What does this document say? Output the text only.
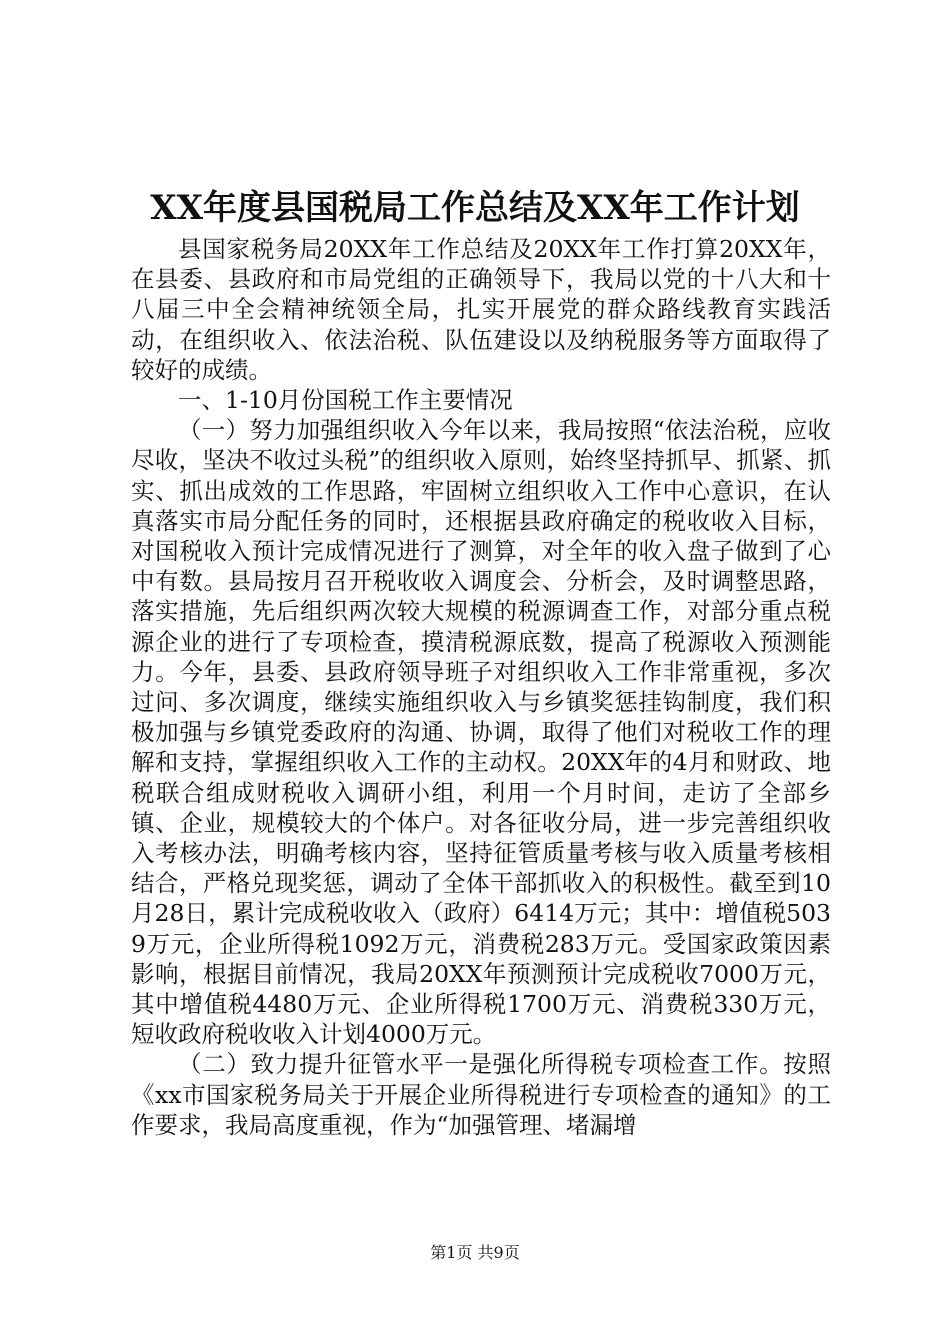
XX年度县国税局工作总结及XX年工作计划

县国家税务局20XX年工作总结及20XX年工作打算20XX年，在县委、县政府和市局党组的正确领导下，我局以党的十八大和十八届三中全会精神统领全局，扎实开展党的群众路线教育实践活动，在组织收入、依法治税、队伍建设以及纳税服务等方面取得了较好的成绩。

一、1-10月份国税工作主要情况

（一）努力加强组织收入今年以来，我局按照“依法治税，应收尽收，坚决不收过头税”的组织收入原则，始终坚持抓早、抓紧、抓实、抓出成效的工作思路，牢固树立组织收入工作中心意识，在认真落实市局分配任务的同时，还根据县政府确定的税收收入目标，对国税收入预计完成情况进行了测算，对全年的收入盘子做到了心中有数。县局按月召开税收收入调度会、分析会，及时调整思路，落实措施，先后组织两次较大规模的税源调查工作，对部分重点税源企业的进行了专项检查，摸清税源底数，提高了税源收入预测能力。今年，县委、县政府领导班子对组织收入工作非常重视，多次过问、多次调度，继续实施组织收入与乡镇奖惩挂钩制度，我们积极加强与乡镇党委政府的沟通、协调，取得了他们对税收工作的理解和支持，掌握组织收入工作的主动权。20XX年的4月和财政、地税联合组成财税收入调研小组，利用一个月时间，走访了全部乡镇、企业，规模较大的个体户。对各征收分局，进一步完善组织收入考核办法，明确考核内容，坚持征管质量考核与收入质量考核相结合，严格兑现奖惩，调动了全体干部抓收入的积极性。截至到10月28日，累计完成税收收入（政府）6414万元；其中：增值税5039万元，企业所得税1092万元，消费税283万元。受国家政策因素影响，根据目前情况，我局20XX年预测预计完成税收7000万元，其中增值税4480万元、企业所得税1700万元、消费税330万元，短收政府税收收入计划4000万元。

（二）致力提升征管水平一是强化所得税专项检查工作。按照《xx市国家税务局关于开展企业所得税进行专项检查的通知》的工作要求，我局高度重视，作为“加强管理、堵漏增

第1页 共9页
